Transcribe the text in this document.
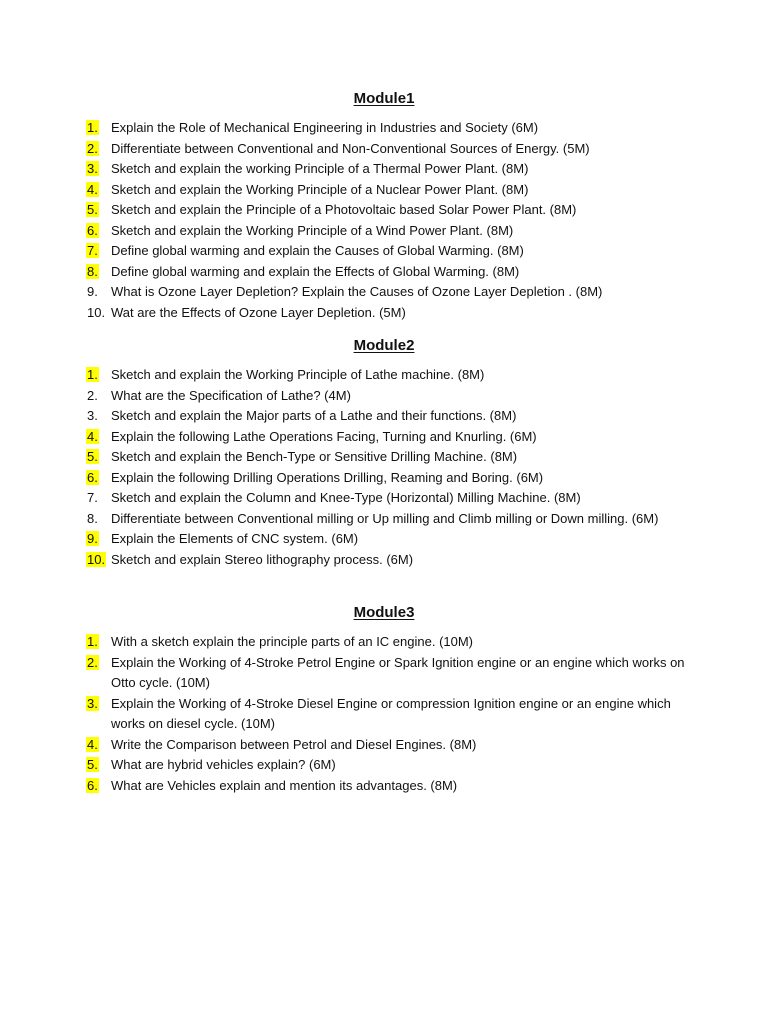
Module1
1.	Explain the Role of Mechanical Engineering in Industries and Society (6M)
2.	Differentiate between Conventional and Non-Conventional Sources of Energy. (5M)
3.	Sketch and explain the working Principle of a Thermal Power Plant. (8M)
4.	Sketch and explain the Working Principle of a Nuclear Power Plant. (8M)
5.	Sketch and explain the Principle of a Photovoltaic based Solar Power Plant. (8M)
6.	Sketch and explain the Working Principle of a Wind Power Plant. (8M)
7.	Define global warming and explain the Causes of Global Warming. (8M)
8.	Define global warming and explain the Effects of Global Warming. (8M)
9.	What is Ozone Layer Depletion? Explain the Causes of Ozone Layer Depletion . (8M)
10. Wat are the Effects of Ozone Layer Depletion. (5M)
Module2
1.	Sketch and explain the Working Principle of Lathe machine. (8M)
2.	What are the Specification of Lathe? (4M)
3.	Sketch and explain the Major parts of a Lathe and their functions. (8M)
4.	Explain the following Lathe Operations Facing, Turning and Knurling. (6M)
5.	Sketch and explain the Bench-Type or Sensitive Drilling Machine. (8M)
6.	Explain the following Drilling Operations Drilling, Reaming and Boring. (6M)
7.	Sketch and explain the Column and Knee-Type (Horizontal) Milling Machine. (8M)
8.	Differentiate between Conventional milling or Up milling and Climb milling or Down milling. (6M)
9.	Explain the Elements of CNC system. (6M)
10. Sketch and explain Stereo lithography process. (6M)
Module3
1.	With a sketch explain the principle parts of an IC engine. (10M)
2.	Explain the Working of 4-Stroke Petrol Engine or Spark Ignition engine or an engine which works on Otto cycle. (10M)
3.	Explain the Working of 4-Stroke Diesel Engine or compression Ignition engine or an engine which works on diesel cycle. (10M)
4.	Write the Comparison between Petrol and Diesel Engines. (8M)
5.	What are hybrid vehicles explain? (6M)
6.	What are Vehicles explain and mention its advantages. (8M)
